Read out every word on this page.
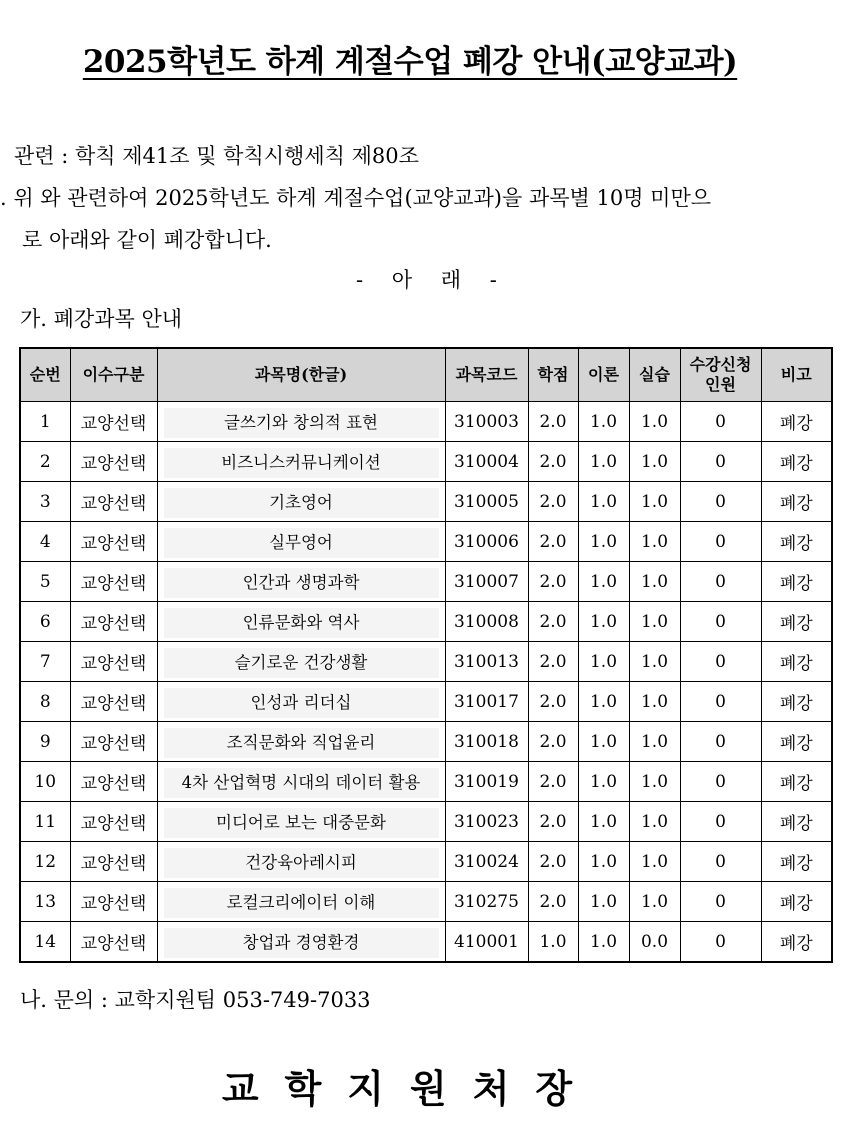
2025학년도 하계 계절수업 폐강 안내(교양교과)
관련 : 학칙 제41조 및 학칙시행세칙 제80조
. 위 와 관련하여 2025학년도 하계 계절수업(교양교과)을 과목별 10명 미만으
로 아래와 같이 폐강합니다.
- 아 래 -
가. 폐강과목 안내
순번	이수구분	과목명(한글)	과목코드	학점	이론	실습	수강신청
인원	비고
1	교양선택	글쓰기와 창의적 표현	310003	2.0	1.0	1.0	0	폐강
2	교양선택	비즈니스커뮤니케이션	310004	2.0	1.0	1.0	0	폐강
3	교양선택	기초영어	310005	2.0	1.0	1.0	0	폐강
4	교양선택	실무영어	310006	2.0	1.0	1.0	0	폐강
5	교양선택	인간과 생명과학	310007	2.0	1.0	1.0	0	폐강
6	교양선택	인류문화와 역사	310008	2.0	1.0	1.0	0	폐강
7	교양선택	슬기로운 건강생활	310013	2.0	1.0	1.0	0	폐강
8	교양선택	인성과 리더십	310017	2.0	1.0	1.0	0	폐강
9	교양선택	조직문화와 직업윤리	310018	2.0	1.0	1.0	0	폐강
10	교양선택	4차 산업혁명 시대의 데이터 활용	310019	2.0	1.0	1.0	0	폐강
11	교양선택	미디어로 보는 대중문화	310023	2.0	1.0	1.0	0	폐강
12	교양선택	건강육아레시피	310024	2.0	1.0	1.0	0	폐강
13	교양선택	로컬크리에이터 이해	310275	2.0	1.0	1.0	0	폐강
14	교양선택	창업과 경영환경	410001	1.0	1.0	0.0	0	폐강
나. 문의 : 교학지원팀 053-749-7033
교학지원처장
